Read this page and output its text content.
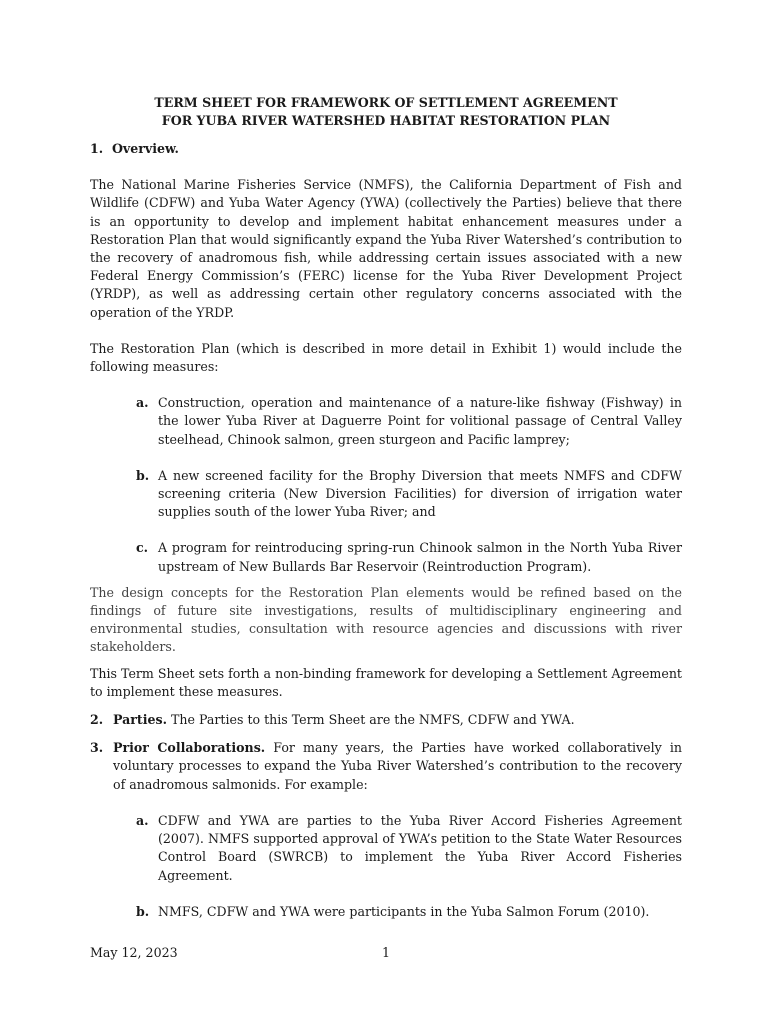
TERM SHEET FOR FRAMEWORK OF SETTLEMENT AGREEMENT
FOR YUBA RIVER WATERSHED HABITAT RESTORATION PLAN
1. Overview.

The National Marine Fisheries Service (NMFS), the California Department of Fish and Wildlife (CDFW) and Yuba Water Agency (YWA) (collectively the Parties) believe that there is an opportunity to develop and implement habitat enhancement measures under a Restoration Plan that would significantly expand the Yuba River Watershed’s contribution to the recovery of anadromous fish, while addressing certain issues associated with a new Federal Energy Commission’s (FERC) license for the Yuba River Development Project (YRDP), as well as addressing certain other regulatory concerns associated with the operation of the YRDP.

The Restoration Plan (which is described in more detail in Exhibit 1) would include the following measures:

a. Construction, operation and maintenance of a nature-like fishway (Fishway) in the lower Yuba River at Daguerre Point for volitional passage of Central Valley steelhead, Chinook salmon, green sturgeon and Pacific lamprey;
b. A new screened facility for the Brophy Diversion that meets NMFS and CDFW screening criteria (New Diversion Facilities) for diversion of irrigation water supplies south of the lower Yuba River; and
c. A program for reintroducing spring-run Chinook salmon in the North Yuba River upstream of New Bullards Bar Reservoir (Reintroduction Program).

The design concepts for the Restoration Plan elements would be refined based on the findings of future site investigations, results of multidisciplinary engineering and environmental studies, consultation with resource agencies and discussions with river stakeholders.

This Term Sheet sets forth a non-binding framework for developing a Settlement Agreement to implement these measures.

2. Parties. The Parties to this Term Sheet are the NMFS, CDFW and YWA.
3. Prior Collaborations. For many years, the Parties have worked collaboratively in voluntary processes to expand the Yuba River Watershed’s contribution to the recovery of anadromous salmonids. For example:
a. CDFW and YWA are parties to the Yuba River Accord Fisheries Agreement (2007). NMFS supported approval of YWA’s petition to the State Water Resources Control Board (SWRCB) to implement the Yuba River Accord Fisheries Agreement.
b. NMFS, CDFW and YWA were participants in the Yuba Salmon Forum (2010).
May 12, 2023	1
